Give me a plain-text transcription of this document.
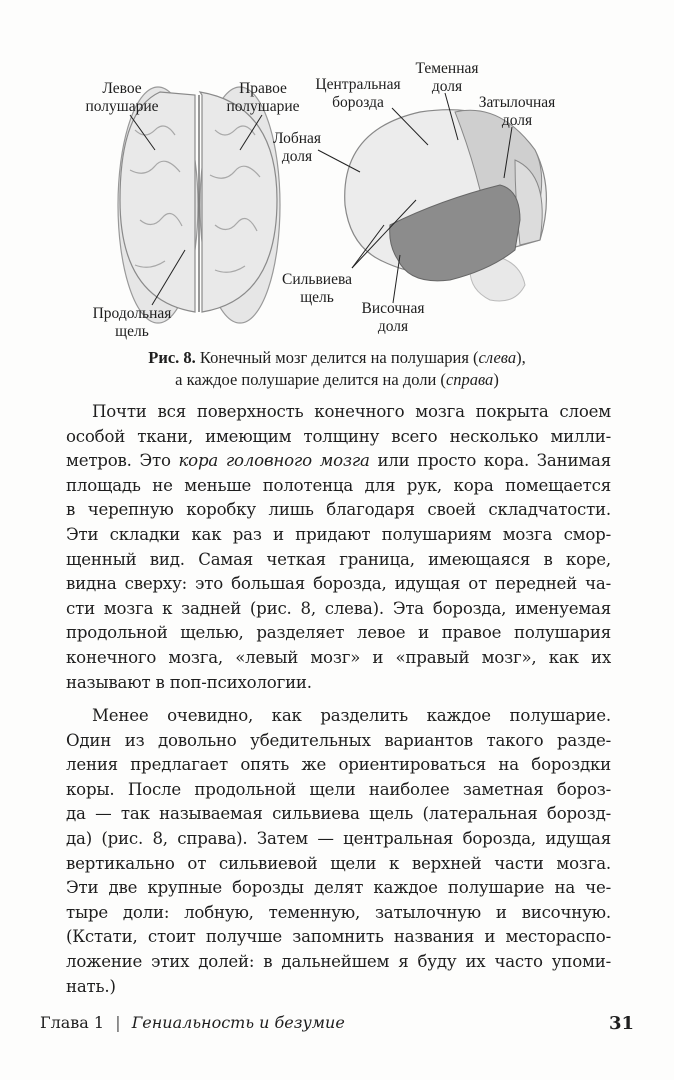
Левое
полушарие
Правое
полушарие
Продольная
щель
Центральная
борозда
Теменная
доля
Затылочная
доля
Лобная
доля
Сильвиева
щель
Височная
доля
Рис. 8. Конечный мозг делится на полушария (слева),
а каждое полушарие делится на доли (справа)
Почти вся поверхность конечного мозга покрыта слоем
особой ткани, имеющим толщину всего несколько милли-
метров. Это кора головного мозга или просто кора. Занимая
площадь не меньше полотенца для рук, кора помещается
в черепную коробку лишь благодаря своей складчатости.
Эти складки как раз и придают полушариям мозга смор-
щенный вид. Самая четкая граница, имеющаяся в коре,
видна сверху: это большая борозда, идущая от передней ча-
сти мозга к задней (рис. 8, слева). Эта борозда, именуемая
продольной щелью, разделяет левое и правое полушария
конечного мозга, «левый мозг» и «правый мозг», как их
называют в поп-психологии.
Менее очевидно, как разделить каждое полушарие.
Один из довольно убедительных вариантов такого разде-
ления предлагает опять же ориентироваться на бороздки
коры. После продольной щели наиболее заметная бороз-
да — так называемая сильвиева щель (латеральная борозд-
да) (рис. 8, справа). Затем — центральная борозда, идущая
вертикально от сильвиевой щели к верхней части мозга.
Эти две крупные борозды делят каждое полушарие на че-
тыре доли: лобную, теменную, затылочную и височную.
(Кстати, стоит получше запомнить названия и месторaспо-
ложение этих долей: в дальнейшем я буду их часто упоми-
нать.)
Глава 1 | Гениальность и безумие	31
